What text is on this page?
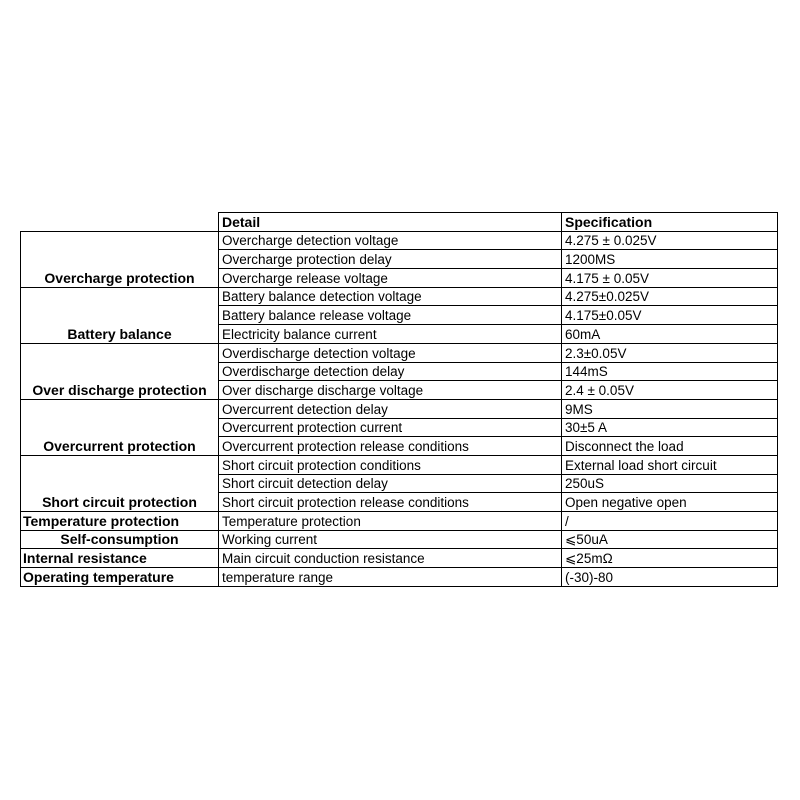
	Detail	Specification
Overcharge protection	Overcharge detection voltage	4.275 ± 0.025V
	Overcharge protection delay	1200MS
	Overcharge release voltage	4.175 ± 0.05V
Battery balance	Battery balance detection voltage	4.275±0.025V
	Battery balance release voltage	4.175±0.05V
	Electricity balance current	60mA
Over discharge protection	Overdischarge detection voltage	2.3±0.05V
	Overdischarge detection delay	144mS
	Over discharge discharge voltage	2.4 ± 0.05V
Overcurrent protection	Overcurrent detection delay	9MS
	Overcurrent protection current	30±5 A
	Overcurrent protection release conditions	Disconnect the load
Short circuit protection	Short circuit protection conditions	External load short circuit
	Short circuit detection delay	250uS
	Short circuit protection release conditions	Open negative open
Temperature protection	Temperature protection	/
Self-consumption	Working current	⩽50uA
Internal resistance	Main circuit conduction resistance	⩽25mΩ
Operating temperature	temperature range	(-30)-80
